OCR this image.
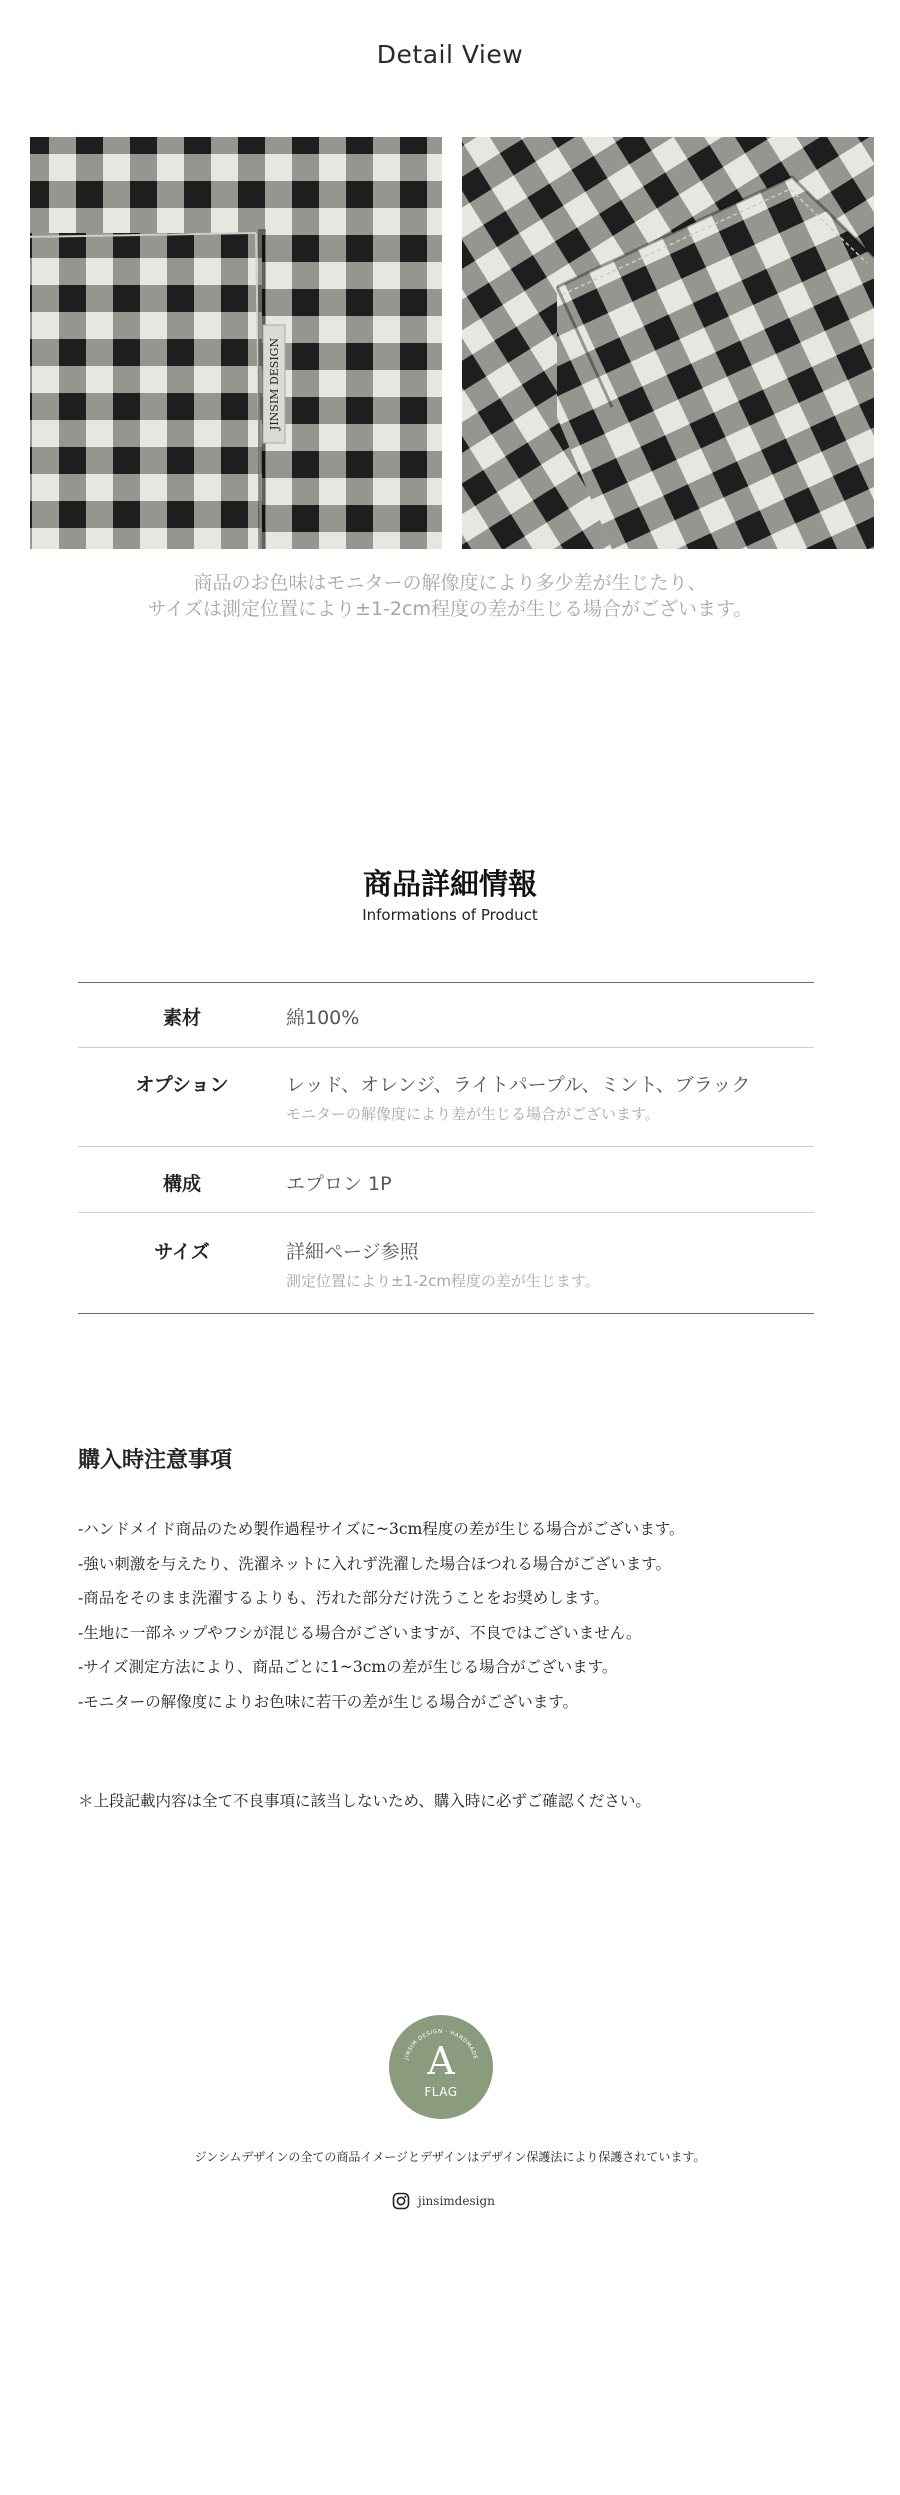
Detail View
JINSIM DESIGN
商品のお色味はモニターの解像度により多少差が生じたり、
サイズは測定位置により±1-2cm程度の差が生じる場合がございます。
商品詳細情報
Informations of Product
素材	綿100%
オプション	レッド、オレンジ、ライトパープル、ミント、ブラック
モニターの解像度により差が生じる場合がございます。
構成	エプロン 1P
サイズ	詳細ページ参照
測定位置により±1-2cm程度の差が生じます。
購入時注意事項
-ハンドメイド商品のため製作過程サイズに~3cm程度の差が生じる場合がございます。
-強い刺激を与えたり、洗濯ネットに入れず洗濯した場合ほつれる場合がございます。
-商品をそのまま洗濯するよりも、汚れた部分だけ洗うことをお奨めします。
-生地に一部ネップやフシが混じる場合がございますが、不良ではございません。
-サイズ測定方法により、商品ごとに1~3cmの差が生じる場合がございます。
-モニターの解像度によりお色味に若干の差が生じる場合がございます。
＊上段記載内容は全て不良事項に該当しないため、購入時に必ずご確認ください。
JINSIM DESIGN · HANDMADE
A
FLAG
ジンシムデザインの全ての商品イメージとデザインはデザイン保護法により保護されています。
jinsimdesign
